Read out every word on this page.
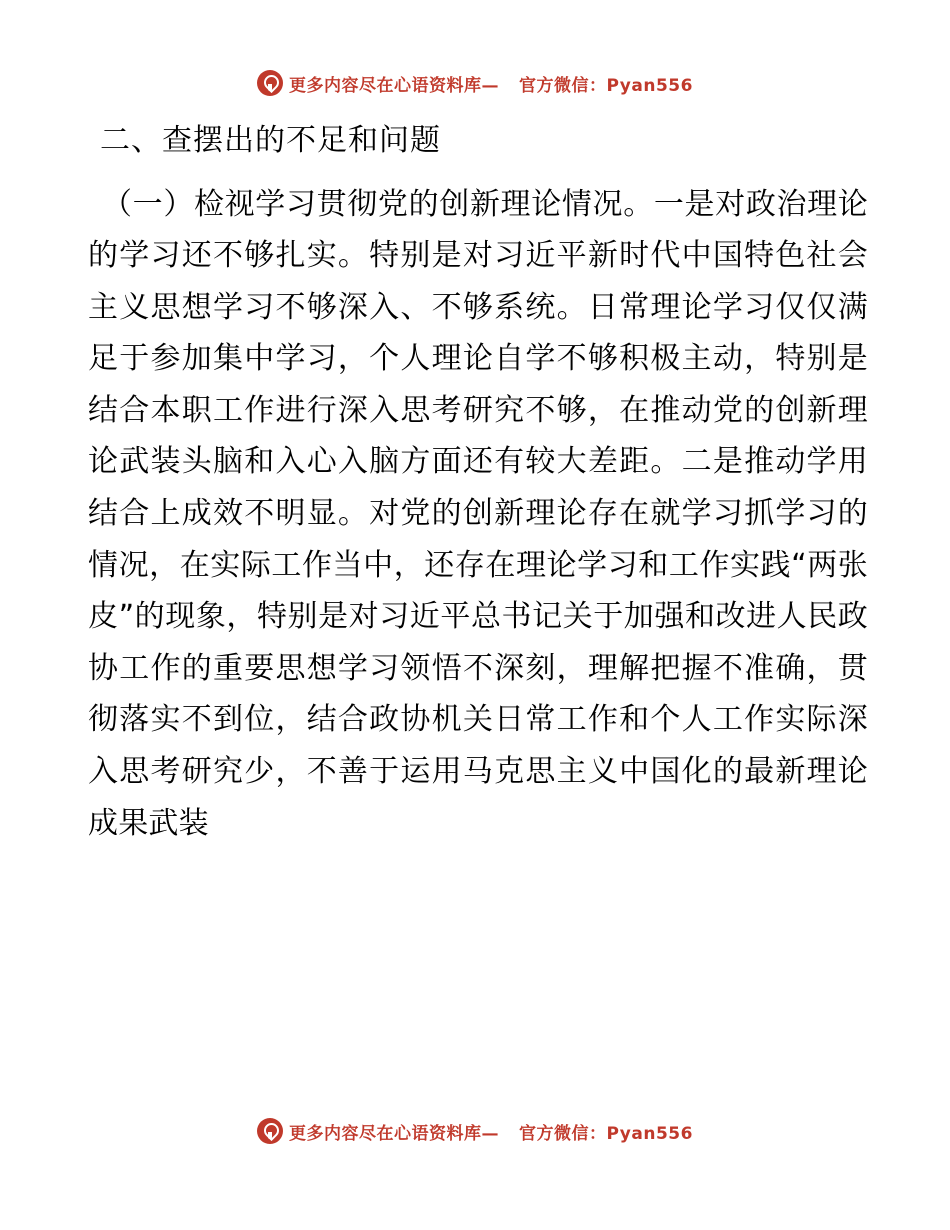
更多内容尽在心语资料库— 官方微信：Pyan556
二、查摆出的不足和问题

（一）检视学习贯彻党的创新理论情况。一是对政治理论的学习还不够扎实。特别是对习近平新时代中国特色社会主义思想学习不够深入、不够系统。日常理论学习仅仅满足于参加集中学习，个人理论自学不够积极主动，特别是结合本职工作进行深入思考研究不够，在推动党的创新理论武装头脑和入心入脑方面还有较大差距。二是推动学用结合上成效不明显。对党的创新理论存在就学习抓学习的情况，在实际工作当中，还存在理论学习和工作实践“两张皮”的现象，特别是对习近平总书记关于加强和改进人民政协工作的重要思想学习领悟不深刻，理解把握不准确，贯彻落实不到位，结合政协机关日常工作和个人工作实际深入思考研究少，不善于运用马克思主义中国化的最新理论成果武装

更多内容尽在心语资料库— 官方微信：Pyan556
